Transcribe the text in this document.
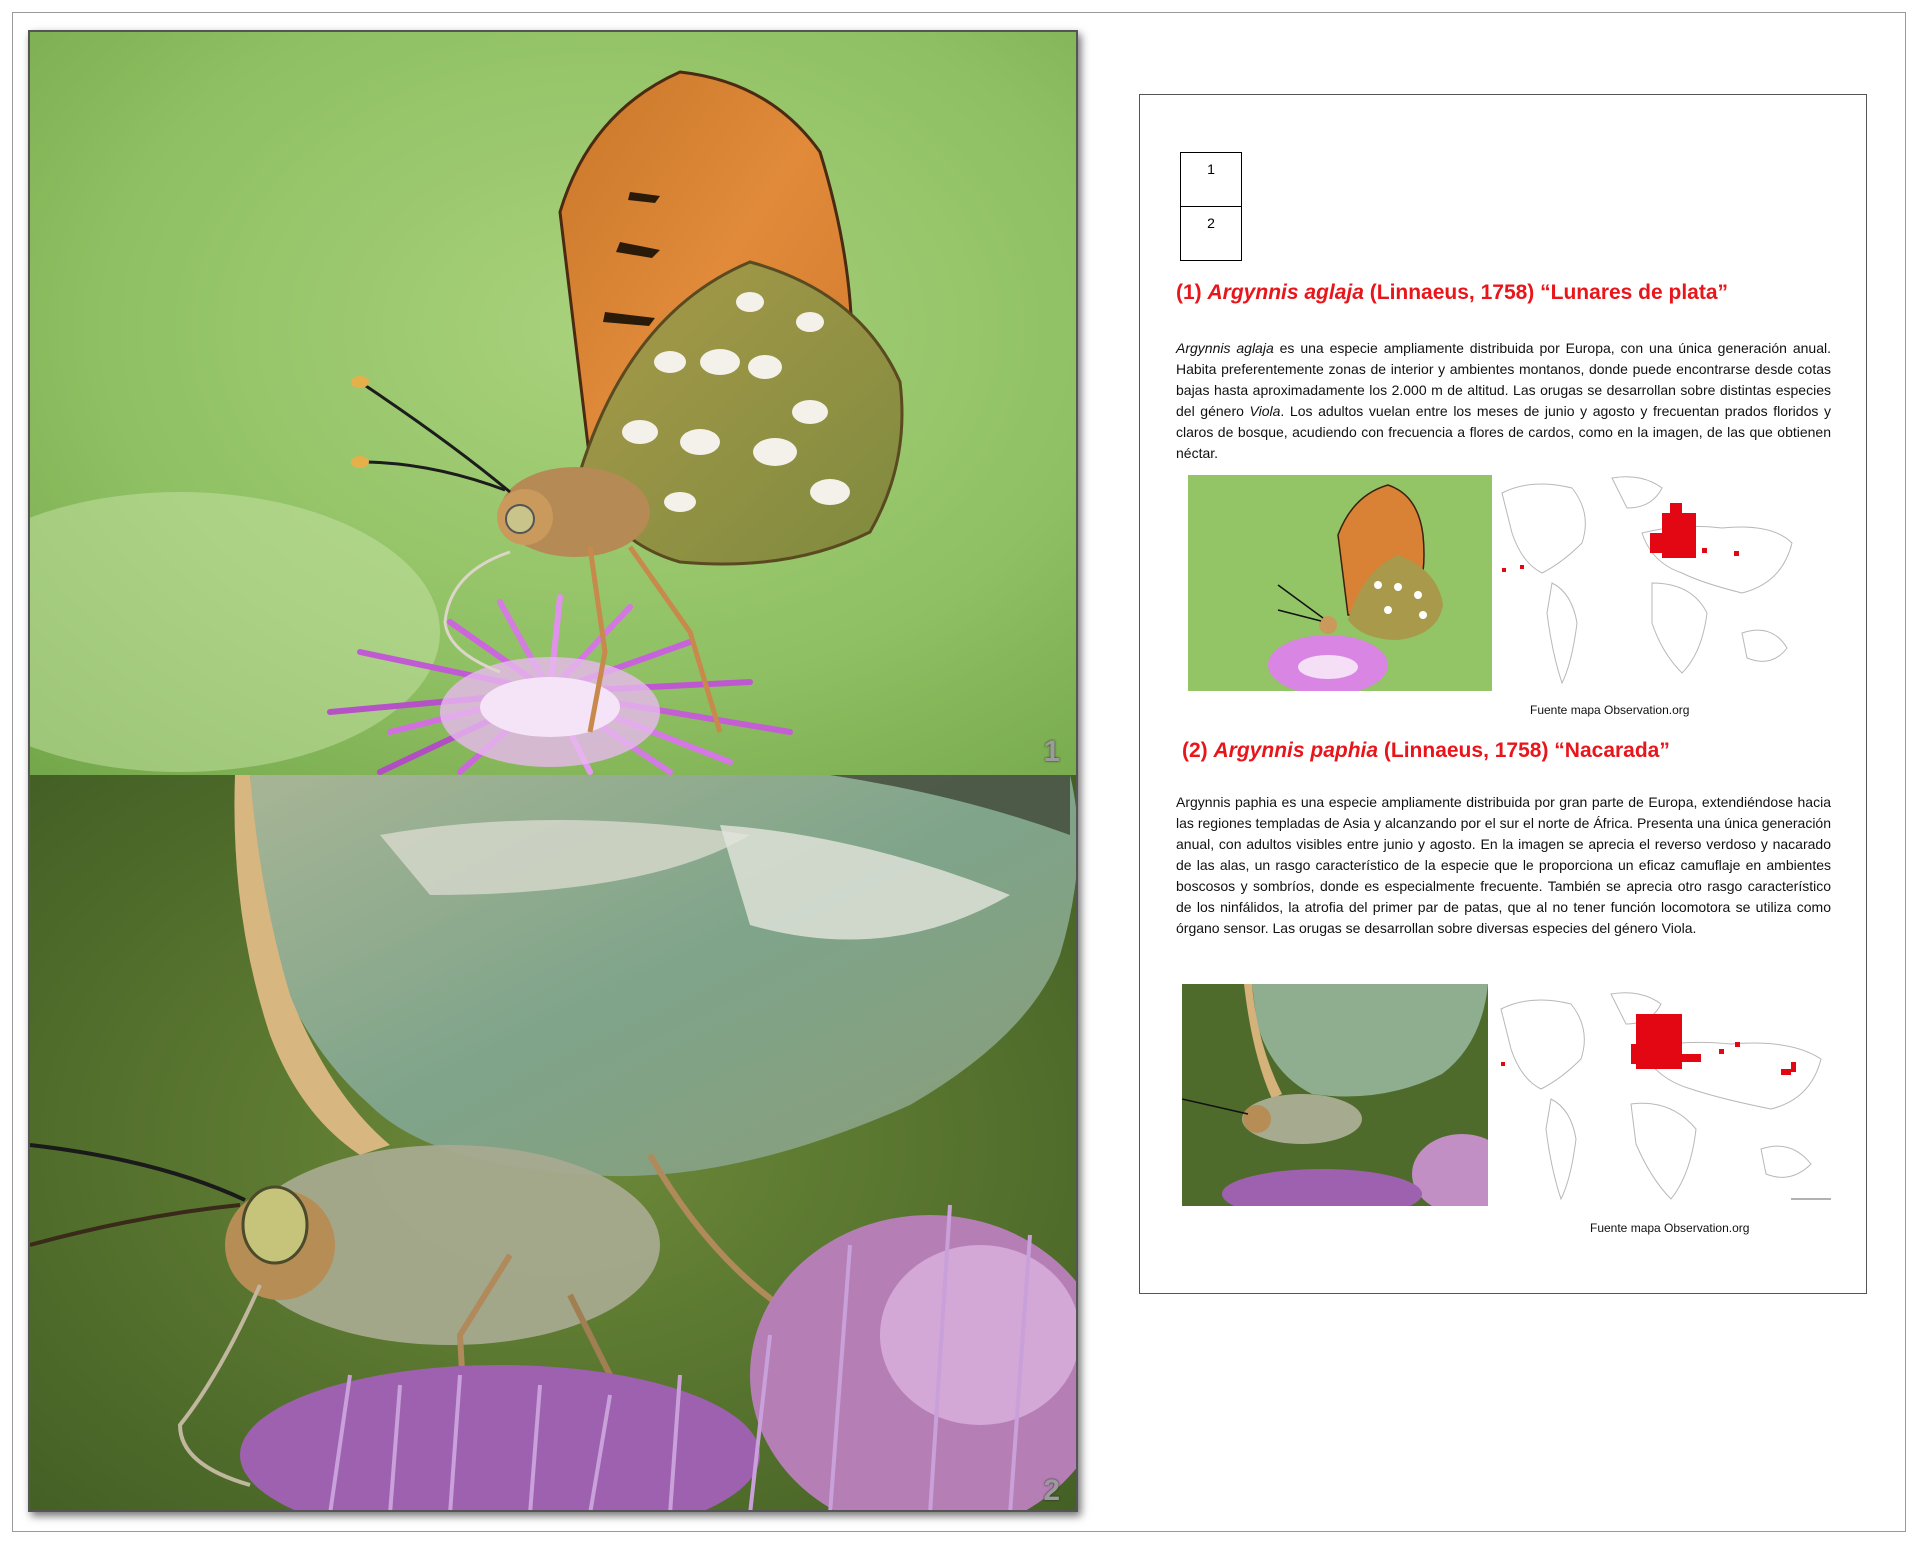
1
2
1
2
(1) Argynnis aglaja (Linnaeus, 1758) “Lunares de plata”

Argynnis aglaja es una especie ampliamente distribuida por Europa, con una única generación anual. Habita preferentemente zonas de interior y ambientes montanos, donde puede encontrarse desde cotas bajas hasta aproximadamente los 2.000 m de altitud. Las orugas se desarrollan sobre distintas especies del género Viola. Los adultos vuelan entre los meses de junio y agosto y frecuentan prados floridos y claros de bosque, acudiendo con frecuencia a flores de cardos, como en la imagen, de las que obtienen néctar.

Fuente mapa Observation.org
(2) Argynnis paphia (Linnaeus, 1758) “Nacarada”

Argynnis paphia es una especie ampliamente distribuida por gran parte de Europa, extendiéndose hacia las regiones templadas de Asia y alcanzando por el sur el norte de África. Presenta una única generación anual, con adultos visibles entre junio y agosto. En la imagen se aprecia el reverso verdoso y nacarado de las alas, un rasgo característico de la especie que le proporciona un eficaz camuflaje en ambientes boscosos y sombríos, donde es especialmente frecuente. También se aprecia otro rasgo característico de los ninfálidos, la atrofia del primer par de patas, que al no tener función locomotora se utiliza como órgano sensor. Las orugas se desarrollan sobre diversas especies del género Viola.

Fuente mapa Observation.org
